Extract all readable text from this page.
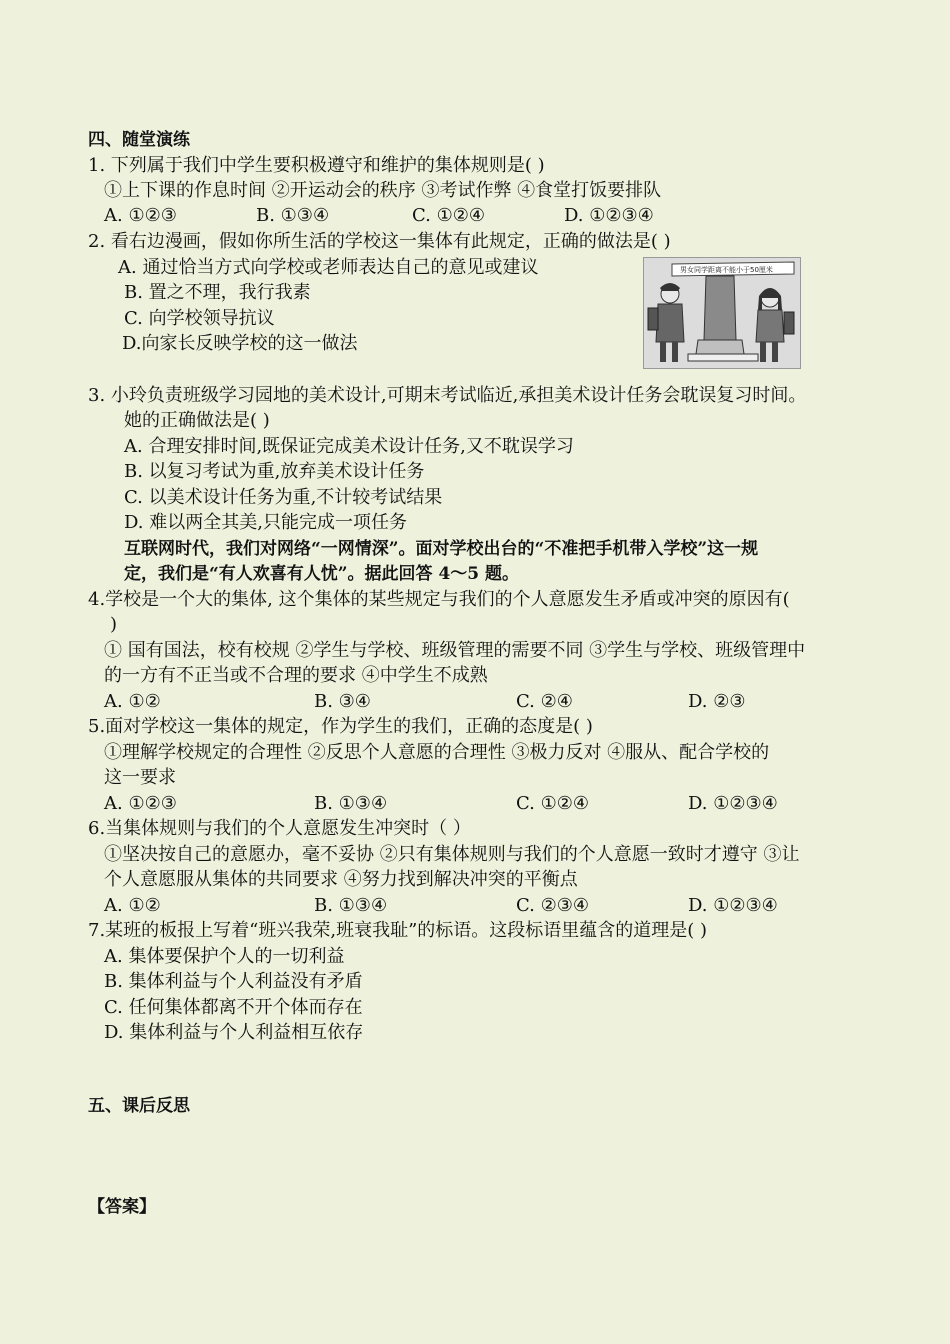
四、随堂演练
1. 下列属于我们中学生要积极遵守和维护的集体规则是( )
①上下课的作息时间 ②开运动会的秩序 ③考试作弊 ④食堂打饭要排队
A. ①②③	B. ①③④	C. ①②④	D. ①②③④
2. 看右边漫画，假如你所生活的学校这一集体有此规定，正确的做法是( )
A. 通过恰当方式向学校或老师表达自己的意见或建议
B. 置之不理，我行我素
C. 向学校领导抗议
D.向家长反映学校的这一做法
男女同学距离不能小于50厘米
3. 小玲负责班级学习园地的美术设计,可期末考试临近,承担美术设计任务会耽误复习时间。
她的正确做法是( )
A. 合理安排时间,既保证完成美术设计任务,又不耽误学习
B. 以复习考试为重,放弃美术设计任务
C. 以美术设计任务为重,不计较考试结果
D. 难以两全其美,只能完成一项任务
互联网时代，我们对网络“一网情深”。面对学校出台的“不准把手机带入学校”这一规
定，我们是“有人欢喜有人忧”。据此回答 4～5 题。
4.学校是一个大的集体, 这个集体的某些规定与我们的个人意愿发生矛盾或冲突的原因有(
)
① 国有国法，校有校规 ②学生与学校、班级管理的需要不同 ③学生与学校、班级管理中
的一方有不正当或不合理的要求 ④中学生不成熟
A. ①②	B. ③④	C. ②④	D. ②③
5.面对学校这一集体的规定，作为学生的我们，正确的态度是( )
①理解学校规定的合理性 ②反思个人意愿的合理性 ③极力反对 ④服从、配合学校的
这一要求
A. ①②③	B. ①③④	C. ①②④	D. ①②③④
6.当集体规则与我们的个人意愿发生冲突时（ ）
①坚决按自己的意愿办，毫不妥协 ②只有集体规则与我们的个人意愿一致时才遵守 ③让
个人意愿服从集体的共同要求 ④努力找到解决冲突的平衡点
A. ①②	B. ①③④	C. ②③④	D. ①②③④
7.某班的板报上写着“班兴我荣,班衰我耻”的标语。这段标语里蕴含的道理是( )
A. 集体要保护个人的一切利益
B. 集体利益与个人利益没有矛盾
C. 任何集体都离不开个体而存在
D. 集体利益与个人利益相互依存
五、课后反思
【答案】
